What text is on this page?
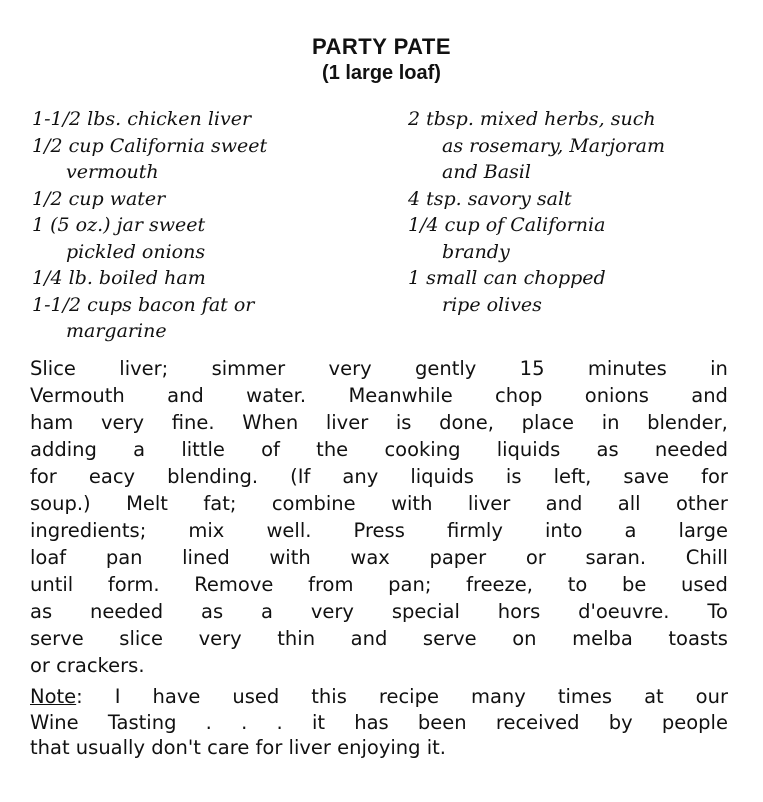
PARTY PATE
(1 large loaf)
1-1/2 lbs. chicken liver
1/2 cup California sweet
vermouth
1/2 cup water
1 (5 oz.) jar sweet
pickled onions
1/4 lb. boiled ham
1-1/2 cups bacon fat or
margarine
2 tbsp. mixed herbs, such
as rosemary, Marjoram
and Basil
4 tsp. savory salt
1/4 cup of California
brandy
1 small can chopped
ripe olives
Slice liver; simmer very gently 15 minutes in
Vermouth and water. Meanwhile chop onions and
ham very fine. When liver is done, place in blender,
adding a little of the cooking liquids as needed
for eacy blending. (If any liquids is left, save for
soup.) Melt fat; combine with liver and all other
ingredients; mix well. Press firmly into a large
loaf pan lined with wax paper or saran. Chill
until form. Remove from pan; freeze, to be used
as needed as a very special hors d'oeuvre. To
serve slice very thin and serve on melba toasts
or crackers.
Note: I have used this recipe many times at our
Wine Tasting . . . it has been received by people
that usually don't care for liver enjoying it.
